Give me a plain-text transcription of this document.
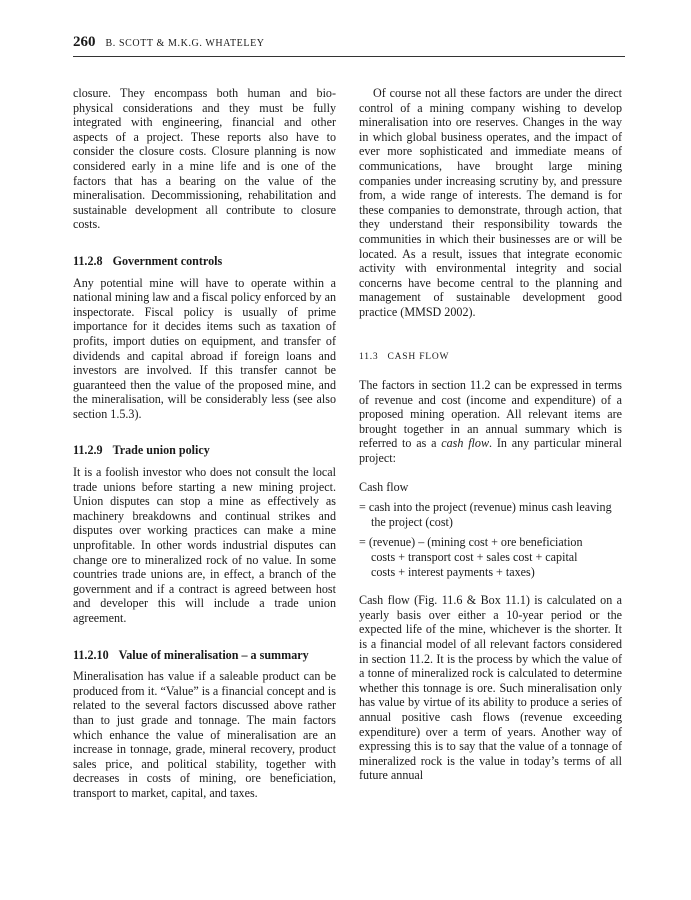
260 B. SCOTT & M.K.G. WHATELEY

closure. They encompass both human and bio-physical considerations and they must be fully integrated with engineering, financial and other aspects of a project. These reports also have to consider the closure costs. Closure planning is now considered early in a mine life and is one of the factors that has a bearing on the value of the mineralisation. Decommissioning, rehabilitation and sustainable development all contribute to closure costs.

11.2.8 Government controls

Any potential mine will have to operate within a national mining law and a fiscal policy enforced by an inspectorate. Fiscal policy is usually of prime importance for it decides items such as taxation of profits, import duties on equipment, and transfer of dividends and capital abroad if foreign loans and investors are involved. If this transfer cannot be guaranteed then the value of the proposed mine, and the mineralisation, will be considerably less (see also section 1.5.3).

11.2.9 Trade union policy

It is a foolish investor who does not consult the local trade unions before starting a new mining project. Union disputes can stop a mine as effectively as machinery breakdowns and continual strikes and disputes over working practices can make a mine unprofitable. In other words industrial disputes can change ore to mineralized rock of no value. In some countries trade unions are, in effect, a branch of the government and if a contract is agreed between host and developer this will include a trade union agreement.

11.2.10 Value of mineralisation – a summary

Mineralisation has value if a saleable product can be produced from it. “Value” is a financial concept and is related to the several factors discussed above rather than to just grade and tonnage. The main factors which enhance the value of mineralisation are an increase in tonnage, grade, mineral recovery, product sales price, and political stability, together with decreases in costs of mining, ore beneficiation, transport to market, capital, and taxes.

Of course not all these factors are under the direct control of a mining company wishing to develop mineralisation into ore reserves. Changes in the way in which global business operates, and the impact of ever more sophisticated and immediate means of communications, have brought large mining companies under increasing scrutiny by, and pressure from, a wide range of interests. The demand is for these companies to demonstrate, through action, that they understand their responsibility towards the communities in which their businesses are or will be located. As a result, issues that integrate economic activity with environmental integrity and social concerns have become central to the planning and management of sustainable development good practice (MMSD 2002).

11.3 CASH FLOW

The factors in section 11.2 can be expressed in terms of revenue and cost (income and expenditure) of a proposed mining operation. All relevant items are brought together in an annual summary which is referred to as a cash flow. In any particular mineral project:

Cash flow

= cash into the project (revenue) minus cash leaving the project (cost)

= (revenue) – (mining cost + ore beneficiation
costs + transport cost + sales cost + capital
costs + interest payments + taxes)

Cash flow (Fig. 11.6 & Box 11.1) is calculated on a yearly basis over either a 10-year period or the expected life of the mine, whichever is the shorter. It is a financial model of all relevant factors considered in section 11.2. It is the process by which the value of a tonne of mineralized rock is calculated to determine whether this tonnage is ore. Such mineralisation only has value by virtue of its ability to produce a series of annual positive cash flows (revenue exceeding expenditure) over a term of years. Another way of expressing this is to say that the value of a tonnage of mineralized rock is the value in today’s terms of all future annual
